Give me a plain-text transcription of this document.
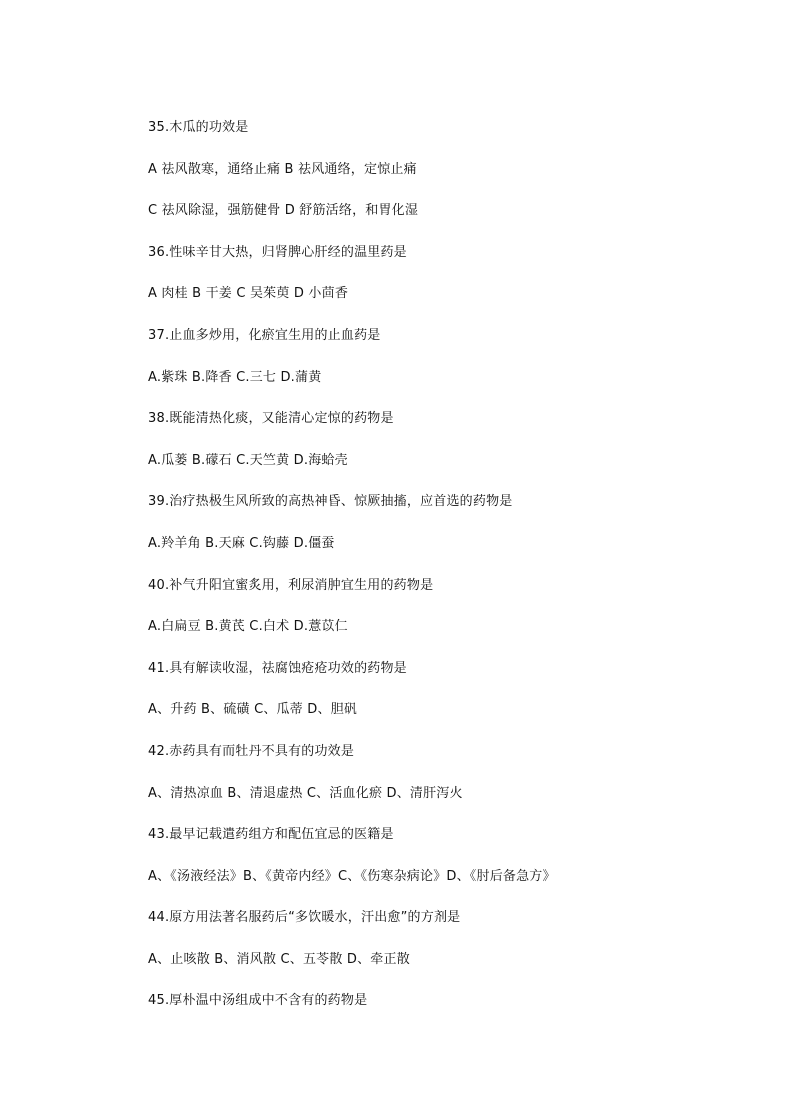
35.木瓜的功效是
A 祛风散寒，通络止痛 B 祛风通络，定惊止痛
C 祛风除湿，强筋健骨 D 舒筋活络，和胃化湿
36.性味辛甘大热，归肾脾心肝经的温里药是
A 肉桂 B 干姜 C 吴茱萸 D 小茴香
37.止血多炒用，化瘀宜生用的止血药是
A.紫珠 B.降香 C.三七 D.蒲黄
38.既能清热化痰，又能清心定惊的药物是
A.瓜蒌 B.礞石 C.天竺黄 D.海蛤壳
39.治疗热极生风所致的高热神昏、惊厥抽搐，应首选的药物是
A.羚羊角 B.天麻 C.钩藤 D.僵蚕
40.补气升阳宜蜜炙用，利尿消肿宜生用的药物是
A.白扁豆 B.黄芪 C.白术 D.薏苡仁
41.具有解读收湿，祛腐蚀疮疮功效的药物是
A、升药 B、硫磺 C、瓜蒂 D、胆矾
42.赤药具有而牡丹不具有的功效是
A、清热凉血 B、清退虚热 C、活血化瘀 D、清肝泻火
43.最早记载遣药组方和配伍宜忌的医籍是
A、《汤液经法》B、《黄帝内经》C、《伤寒杂病论》D、《肘后备急方》
44.原方用法著名服药后“多饮暖水，汗出愈”的方剂是
A、止咳散 B、消风散 C、五苓散 D、牵正散
45.厚朴温中汤组成中不含有的药物是
